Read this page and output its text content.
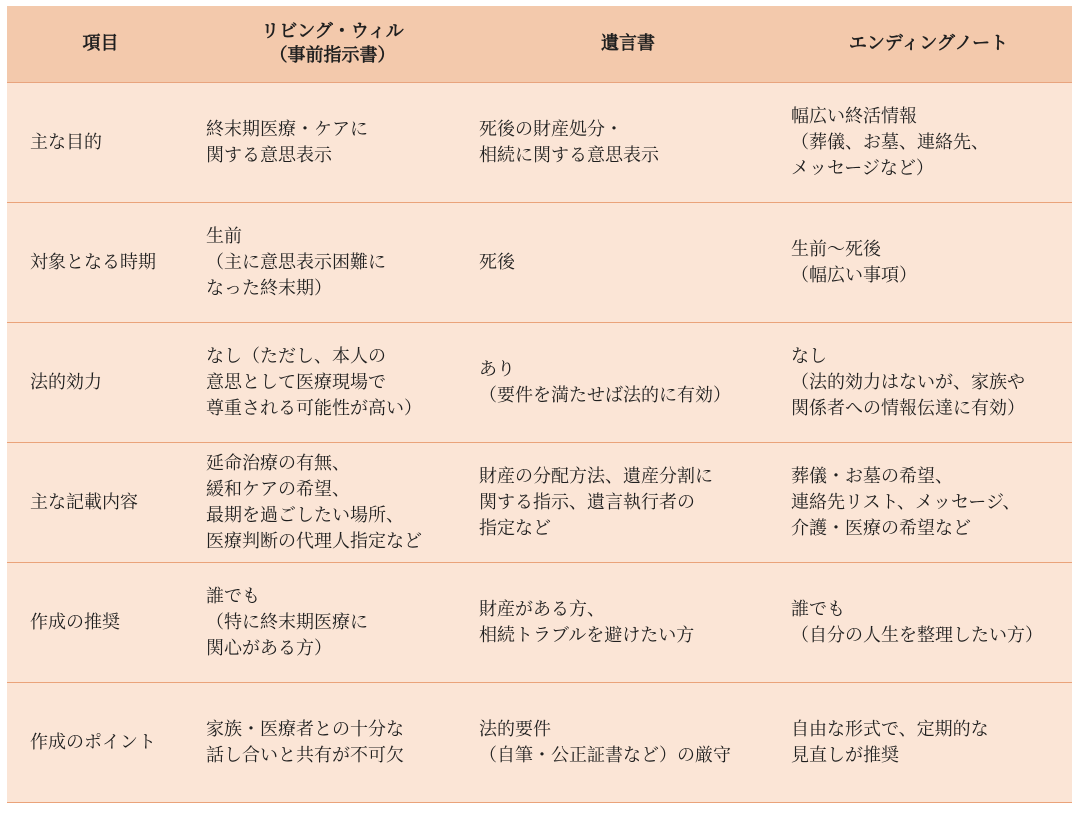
項目
リビング・ウィル
（事前指示書）
遺言書	エンディングノート
主な目的
終末期医療・ケアに
関する意思表示
死後の財産処分・
相続に関する意思表示
幅広い終活情報
（葬儀、お墓、連絡先、
メッセージなど）
対象となる時期
生前
（主に意思表示困難に
なった終末期）
死後
生前〜死後
（幅広い事項）
法的効力
なし（ただし、本人の
意思として医療現場で
尊重される可能性が高い）
あり
（要件を満たせば法的に有効）
なし
（法的効力はないが、家族や
関係者への情報伝達に有効）
主な記載内容
延命治療の有無、
緩和ケアの希望、
最期を過ごしたい場所、
医療判断の代理人指定など
財産の分配方法、遺産分割に
関する指示、遺言執行者の
指定など
葬儀・お墓の希望、
連絡先リスト、メッセージ、
介護・医療の希望など
作成の推奨
誰でも
（特に終末期医療に
関心がある方）
財産がある方、
相続トラブルを避けたい方
誰でも
（自分の人生を整理したい方）
作成のポイント
家族・医療者との十分な
話し合いと共有が不可欠
法的要件
（自筆・公正証書など）の厳守
自由な形式で、定期的な
見直しが推奨
